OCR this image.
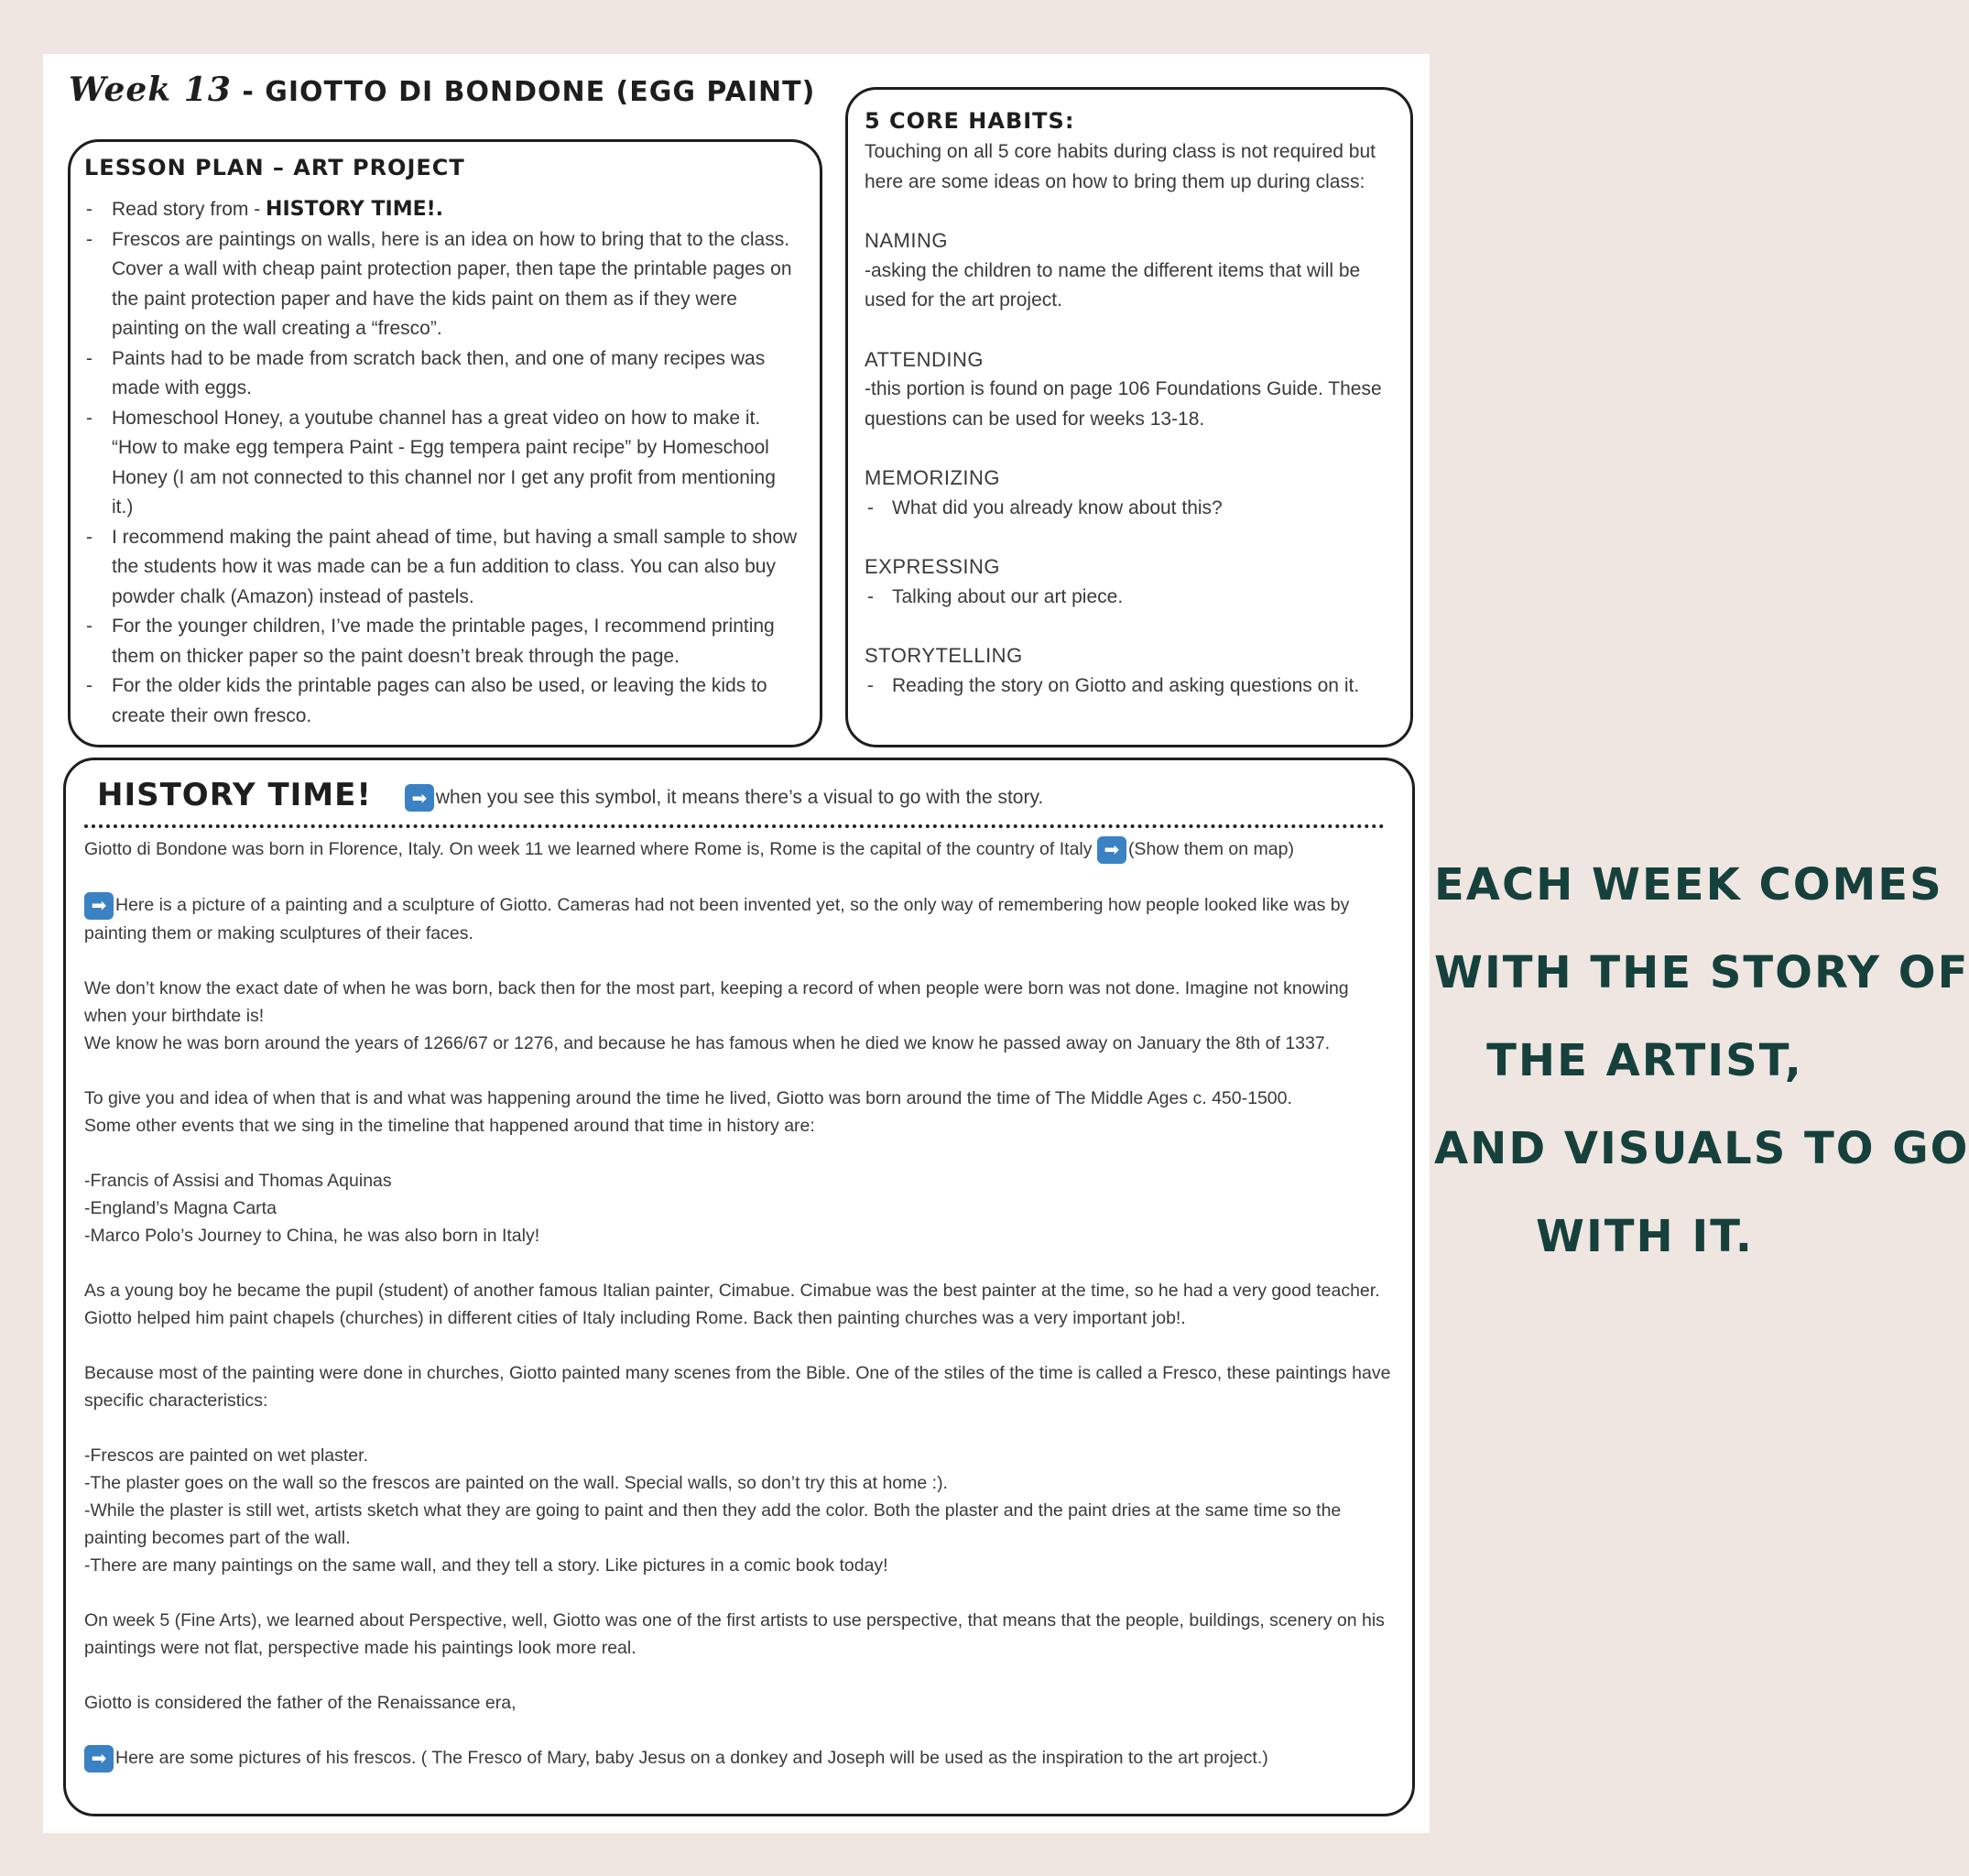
Week 13 - GIOTTO DI BONDONE (EGG PAINT)
LESSON PLAN – ART PROJECT
- Read story from - HISTORY TIME!.
- Frescos are paintings on walls, here is an idea on how to bring that to the class. Cover a wall with cheap paint protection paper, then tape the printable pages on the paint protection paper and have the kids paint on them as if they were painting on the wall creating a “fresco”.
- Paints had to be made from scratch back then, and one of many recipes was made with eggs.
- Homeschool Honey, a youtube channel has a great video on how to make it. “How to make egg tempera Paint - Egg tempera paint recipe” by Homeschool Honey (I am not connected to this channel nor I get any profit from mentioning it.)
- I recommend making the paint ahead of time, but having a small sample to show the students how it was made can be a fun addition to class. You can also buy powder chalk (Amazon) instead of pastels.
- For the younger children, I’ve made the printable pages, I recommend printing them on thicker paper so the paint doesn’t break through the page.
- For the older kids the printable pages can also be used, or leaving the kids to create their own fresco.
5 CORE HABITS:

Touching on all 5 core habits during class is not required but here are some ideas on how to bring them up during class:

NAMING

-asking the children to name the different items that will be used for the art project.

ATTENDING

-this portion is found on page 106 Foundations Guide. These questions can be used for weeks 13-18.

MEMORIZING

- What did you already know about this?

EXPRESSING

- Talking about our art piece.

STORYTELLING

- Reading the story on Giotto and asking questions on it.

HISTORY TIME!	➡ when you see this symbol, it means there’s a visual to go with the story.

Giotto di Bondone was born in Florence, Italy. On week 11 we learned where Rome is, Rome is the capital of the country of Italy ➡ (Show them on map)

➡ Here is a picture of a painting and a sculpture of Giotto. Cameras had not been invented yet, so the only way of remembering how people looked like was by painting them or making sculptures of their faces.

We don’t know the exact date of when he was born, back then for the most part, keeping a record of when people were born was not done. Imagine not knowing when your birthdate is!

We know he was born around the years of 1266/67 or 1276, and because he has famous when he died we know he passed away on January the 8th of 1337.

To give you and idea of when that is and what was happening around the time he lived, Giotto was born around the time of The Middle Ages c. 450-1500.

Some other events that we sing in the timeline that happened around that time in history are:

-Francis of Assisi and Thomas Aquinas

-England’s Magna Carta

-Marco Polo’s Journey to China, he was also born in Italy!

As a young boy he became the pupil (student) of another famous Italian painter, Cimabue. Cimabue was the best painter at the time, so he had a very good teacher. Giotto helped him paint chapels (churches) in different cities of Italy including Rome. Back then painting churches was a very important job!.

Because most of the painting were done in churches, Giotto painted many scenes from the Bible. One of the stiles of the time is called a Fresco, these paintings have specific characteristics:

-Frescos are painted on wet plaster.

-The plaster goes on the wall so the frescos are painted on the wall. Special walls, so don’t try this at home :).

-While the plaster is still wet, artists sketch what they are going to paint and then they add the color. Both the plaster and the paint dries at the same time so the painting becomes part of the wall.

-There are many paintings on the same wall, and they tell a story. Like pictures in a comic book today!

On week 5 (Fine Arts), we learned about Perspective, well, Giotto was one of the first artists to use perspective, that means that the people, buildings, scenery on his paintings were not flat, perspective made his paintings look more real.

Giotto is considered the father of the Renaissance era,

➡ Here are some pictures of his frescos. ( The Fresco of Mary, baby Jesus on a donkey and Joseph will be used as the inspiration to the art project.)

EACH WEEK COMES
WITH THE STORY OF
THE ARTIST,
AND VISUALS TO GO
WITH IT.
